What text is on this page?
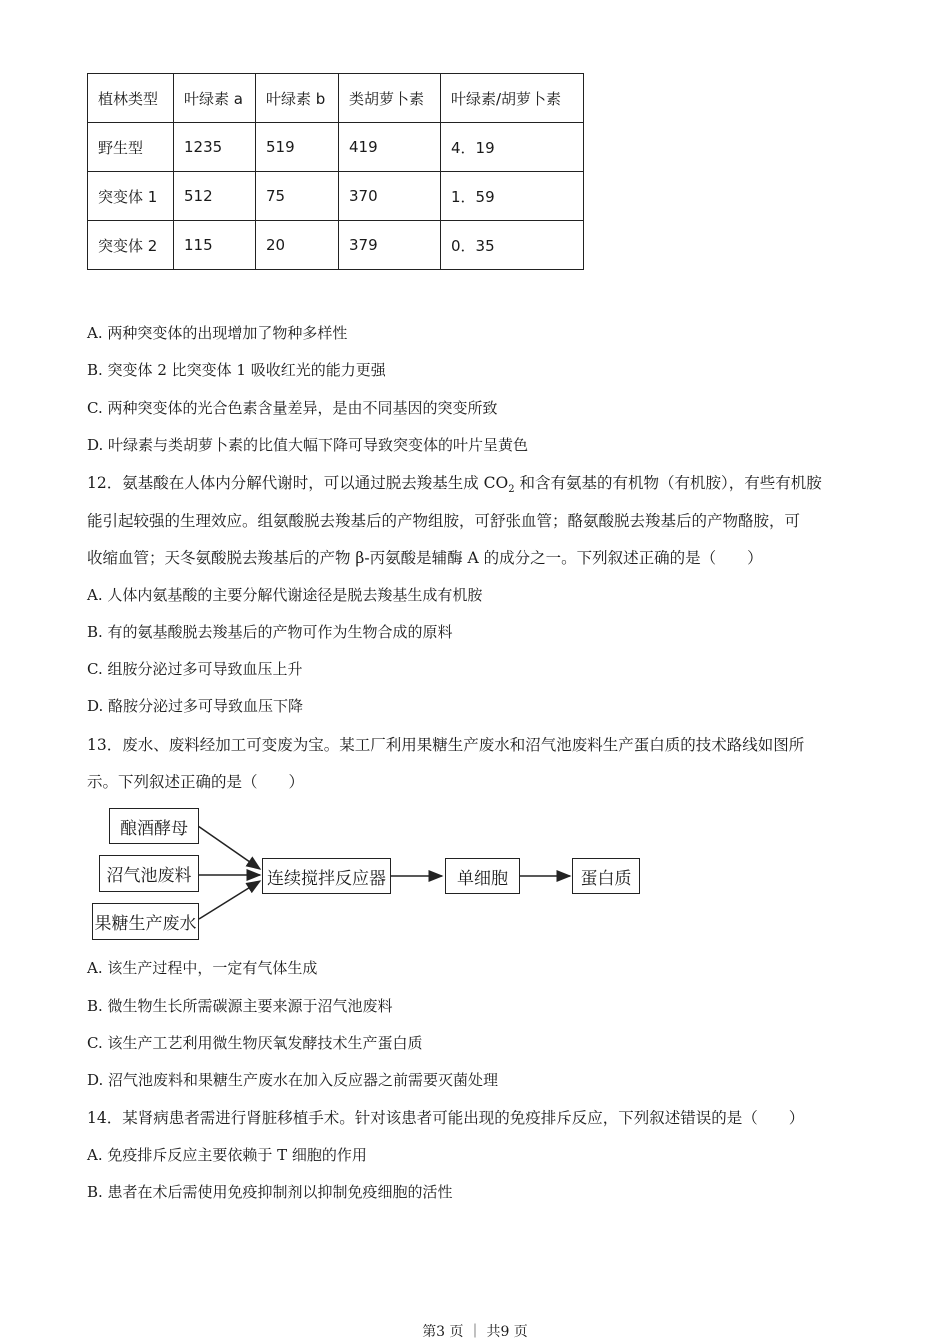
植林类型	叶绿素 a	叶绿素 b	类胡萝卜素	叶绿素/胡萝卜素
野生型	1235	519	419	4．19
突变体 1	512	75	370	1．59
突变体 2	115	20	379	0．35
A. 两种突变体的出现增加了物种多样性
B. 突变体 2 比突变体 1 吸收红光的能力更强
C. 两种突变体的光合色素含量差异，是由不同基因的突变所致
D. 叶绿素与类胡萝卜素的比值大幅下降可导致突变体的叶片呈黄色
12．氨基酸在人体内分解代谢时，可以通过脱去羧基生成 $CO_2$ 和含有氨基的有机物（有机胺），有些有机胺
能引起较强的生理效应。组氨酸脱去羧基后的产物组胺，可舒张血管；酪氨酸脱去羧基后的产物酪胺，可
收缩血管；天冬氨酸脱去羧基后的产物 β-丙氨酸是辅酶 A 的成分之一。下列叙述正确的是（　　）
A. 人体内氨基酸的主要分解代谢途径是脱去羧基生成有机胺
B. 有的氨基酸脱去羧基后的产物可作为生物合成的原料
C. 组胺分泌过多可导致血压上升
D. 酪胺分泌过多可导致血压下降
13．废水、废料经加工可变废为宝。某工厂利用果糖生产废水和沼气池废料生产蛋白质的技术路线如图所
示。下列叙述正确的是（　　）
酿酒酵母
沼气池废料
果糖生产废水
连续搅拌反应器	单细胞	蛋白质
A. 该生产过程中，一定有气体生成
B. 微生物生长所需碳源主要来源于沼气池废料
C. 该生产工艺利用微生物厌氧发酵技术生产蛋白质
D. 沼气池废料和果糖生产废水在加入反应器之前需要灭菌处理
14．某肾病患者需进行肾脏移植手术。针对该患者可能出现的免疫排斥反应，下列叙述错误的是（　　）
A. 免疫排斥反应主要依赖于 T 细胞的作用
B. 患者在术后需使用免疫抑制剂以抑制免疫细胞的活性
第3 页 ｜ 共9 页
